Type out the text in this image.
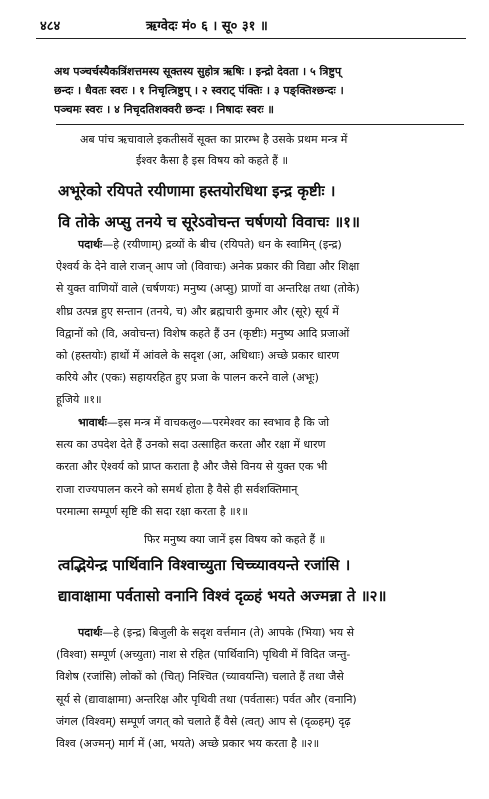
४८४	ऋग्वेदः मं० ६ । सू० ३१ ॥
अथ पञ्चर्चस्यैकत्रिंशत्तमस्य सूक्तस्य सुहोत्र ऋषिः । इन्द्रो देवता । ५ त्रिष्टुप्
छन्दः । धैवतः स्वरः । १ निचृत्त्रिष्टुप् । २ स्वराट् पंक्तिः । ३ पङ्क्तिश्छन्दः ।
पञ्चमः स्वरः । ४ निचृदतिशक्वरी छन्दः । निषादः स्वरः ॥
अब पांच ऋचावाले इकतीसवें सूक्त का प्रारम्भ है उसके प्रथम मन्त्र में
ईश्वर कैसा है इस विषय को कहते हैं ॥
अभूरेको रयिपते रयीणामा हस्तयोरधिथा इन्द्र कृष्टीः ।
वि तोके अप्सु तनये च सूरेऽवोचन्त चर्षणयो विवाचः ॥१॥
पदार्थः—हे (रयीणाम्) द्रव्यों के बीच (रयिपते) धन के स्वामिन् (इन्द्र)
ऐश्वर्य के देने वाले राजन् आप जो (विवाचः) अनेक प्रकार की विद्या और शिक्षा
से युक्त वाणियों वाले (चर्षणयः) मनुष्य (अप्सु) प्राणों वा अन्तरिक्ष तथा (तोके)
शीघ्र उत्पन्न हुए सन्तान (तनये, च) और ब्रह्मचारी कुमार और (सूरे) सूर्य में
विद्वानों को (वि, अवोचन्त) विशेष कहते हैं उन (कृष्टीः) मनुष्य आदि प्रजाओं
को (हस्तयोः) हाथों में आंवले के सदृश (आ, अधिथाः) अच्छे प्रकार धारण
करिये और (एकः) सहायरहित हुए प्रजा के पालन करने वाले (अभूः)
हूजिये ॥१॥
भावार्थः—इस मन्त्र में वाचकलु०—परमेश्वर का स्वभाव है कि जो
सत्य का उपदेश देते हैं उनको सदा उत्साहित करता और रक्षा में धारण
करता और ऐश्वर्य को प्राप्त कराता है और जैसे विनय से युक्त एक भी
राजा राज्यपालन करने को समर्थ होता है वैसे ही सर्वशक्तिमान्
परमात्मा सम्पूर्ण सृष्टि की सदा रक्षा करता है ॥१॥
फिर मनुष्य क्या जानें इस विषय को कहते हैं ॥
त्वद्भियेन्द्र पार्थिवानि विश्वाच्युता चिच्च्यावयन्ते रजांसि ।
द्यावाक्षामा पर्वतासो वनानि विश्वं दृळ्हं भयते अज्मन्ना ते ॥२॥
पदार्थः—हे (इन्द्र) बिजुली के सदृश वर्त्तमान (ते) आपके (भिया) भय से
(विश्वा) सम्पूर्ण (अच्युता) नाश से रहित (पार्थिवानि) पृथिवी में विदित जन्तु-
विशेष (रजांसि) लोकों को (चित्) निश्चित (च्यावयन्ति) चलाते हैं तथा जैसे
सूर्य से (द्यावाक्षामा) अन्तरिक्ष और पृथिवी तथा (पर्वतासः) पर्वत और (वनानि)
जंगल (विश्वम्) सम्पूर्ण जगत् को चलाते हैं वैसे (त्वत्) आप से (दृळ्हम्) दृढ़
विश्व (अज्मन्) मार्ग में (आ, भयते) अच्छे प्रकार भय करता है ॥२॥
